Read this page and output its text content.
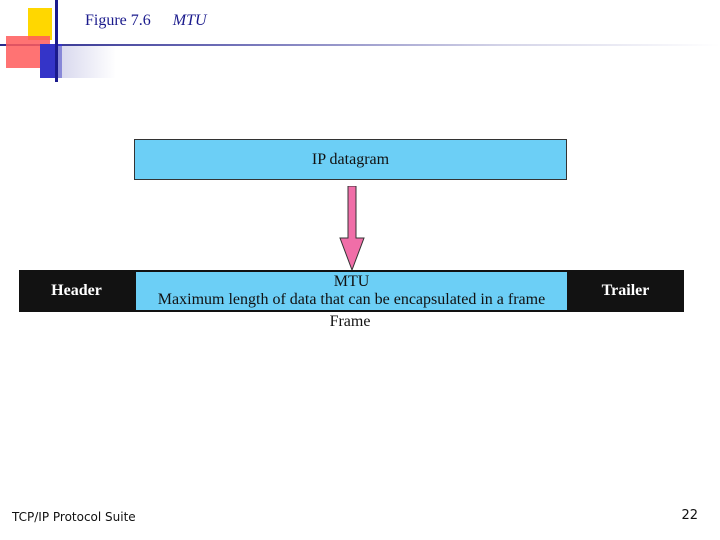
Figure 7.6 MTU
IP datagram
Header
MTU
Maximum length of data that can be encapsulated in a frame
Trailer
Frame
TCP/IP Protocol Suite	22
